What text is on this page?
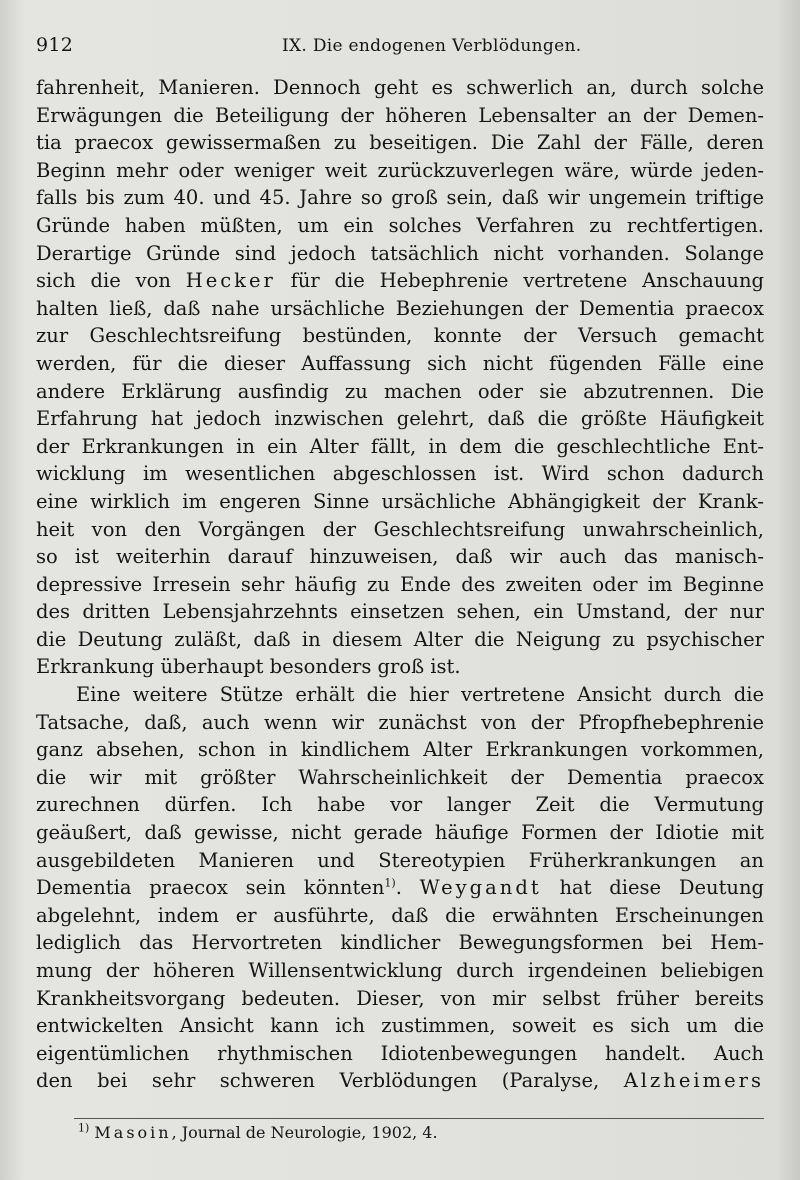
912	IX. Die endogenen Verblödungen.
fahrenheit, Manieren. Dennoch geht es schwerlich an, durch solche
Erwägungen die Beteiligung der höheren Lebensalter an der Demen-
tia praecox gewissermaßen zu beseitigen. Die Zahl der Fälle, deren
Beginn mehr oder weniger weit zurückzuverlegen wäre, würde jeden-
falls bis zum 40. und 45. Jahre so groß sein, daß wir ungemein triftige
Gründe haben müßten, um ein solches Verfahren zu rechtfertigen.
Derartige Gründe sind jedoch tatsächlich nicht vorhanden. Solange
sich die von Hecker für die Hebephrenie vertretene Anschauung
halten ließ, daß nahe ursächliche Beziehungen der Dementia praecox
zur Geschlechtsreifung bestünden, konnte der Versuch gemacht
werden, für die dieser Auffassung sich nicht fügenden Fälle eine
andere Erklärung ausfindig zu machen oder sie abzutrennen. Die
Erfahrung hat jedoch inzwischen gelehrt, daß die größte Häufigkeit
der Erkrankungen in ein Alter fällt, in dem die geschlechtliche Ent-
wicklung im wesentlichen abgeschlossen ist. Wird schon dadurch
eine wirklich im engeren Sinne ursächliche Abhängigkeit der Krank-
heit von den Vorgängen der Geschlechtsreifung unwahrscheinlich,
so ist weiterhin darauf hinzuweisen, daß wir auch das manisch-
depressive Irresein sehr häufig zu Ende des zweiten oder im Beginne
des dritten Lebensjahrzehnts einsetzen sehen, ein Umstand, der nur
die Deutung zuläßt, daß in diesem Alter die Neigung zu psychischer
Erkrankung überhaupt besonders groß ist.
Eine weitere Stütze erhält die hier vertretene Ansicht durch die
Tatsache, daß, auch wenn wir zunächst von der Pfropfhebephrenie
ganz absehen, schon in kindlichem Alter Erkrankungen vorkommen,
die wir mit größter Wahrscheinlichkeit der Dementia praecox
zurechnen dürfen. Ich habe vor langer Zeit die Vermutung
geäußert, daß gewisse, nicht gerade häufige Formen der Idiotie mit
ausgebildeten Manieren und Stereotypien Früherkrankungen an
Dementia praecox sein könnten$^{1)}$. Weygandt hat diese Deutung
abgelehnt, indem er ausführte, daß die erwähnten Erscheinungen
lediglich das Hervortreten kindlicher Bewegungsformen bei Hem-
mung der höheren Willensentwicklung durch irgendeinen beliebigen
Krankheitsvorgang bedeuten. Dieser, von mir selbst früher bereits
entwickelten Ansicht kann ich zustimmen, soweit es sich um die
eigentümlichen rhythmischen Idiotenbewegungen handelt. Auch
den bei sehr schweren Verblödungen (Paralyse, Alzheimers
$^{1)}$ Masoin, Journal de Neurologie, 1902, 4.
